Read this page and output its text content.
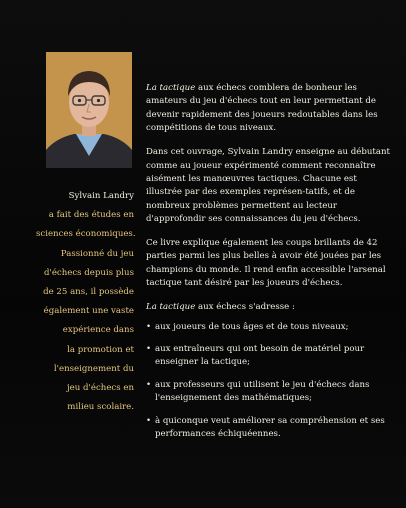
Sylvain Landry
a fait des études en
sciences économiques.
Passionné du jeu
d'échecs depuis plus
de 25 ans, il possède
également une vaste
expérience dans
la promotion et
l'enseignement du
jeu d'échecs en
milieu scolaire.

La tactique aux échecs comblera de bonheur les amateurs du jeu d'échecs tout en leur permettant de devenir rapidement des joueurs redoutables dans les compétitions de tous niveaux.

Dans cet ouvrage, Sylvain Landry enseigne au débutant comme au joueur expérimenté comment reconnaître aisément les manœuvres tactiques. Chacune est illustrée par des exemples représen-tatifs, et de nombreux problèmes permettent au lecteur d'approfondir ses connaissances du jeu d'échecs.

Ce livre explique également les coups brillants de 42 parties parmi les plus belles à avoir été jouées par les champions du monde. Il rend enfin accessible l'arsenal tactique tant désiré par les joueurs d'échecs.

La tactique aux échecs s'adresse :

• aux joueurs de tous âges et de tous niveaux;
• aux entraîneurs qui ont besoin de matériel pour enseigner la tactique;
• aux professeurs qui utilisent le jeu d'échecs dans l'enseignement des mathématiques;
• à quiconque veut améliorer sa compréhension et ses performances échiquéennes.
